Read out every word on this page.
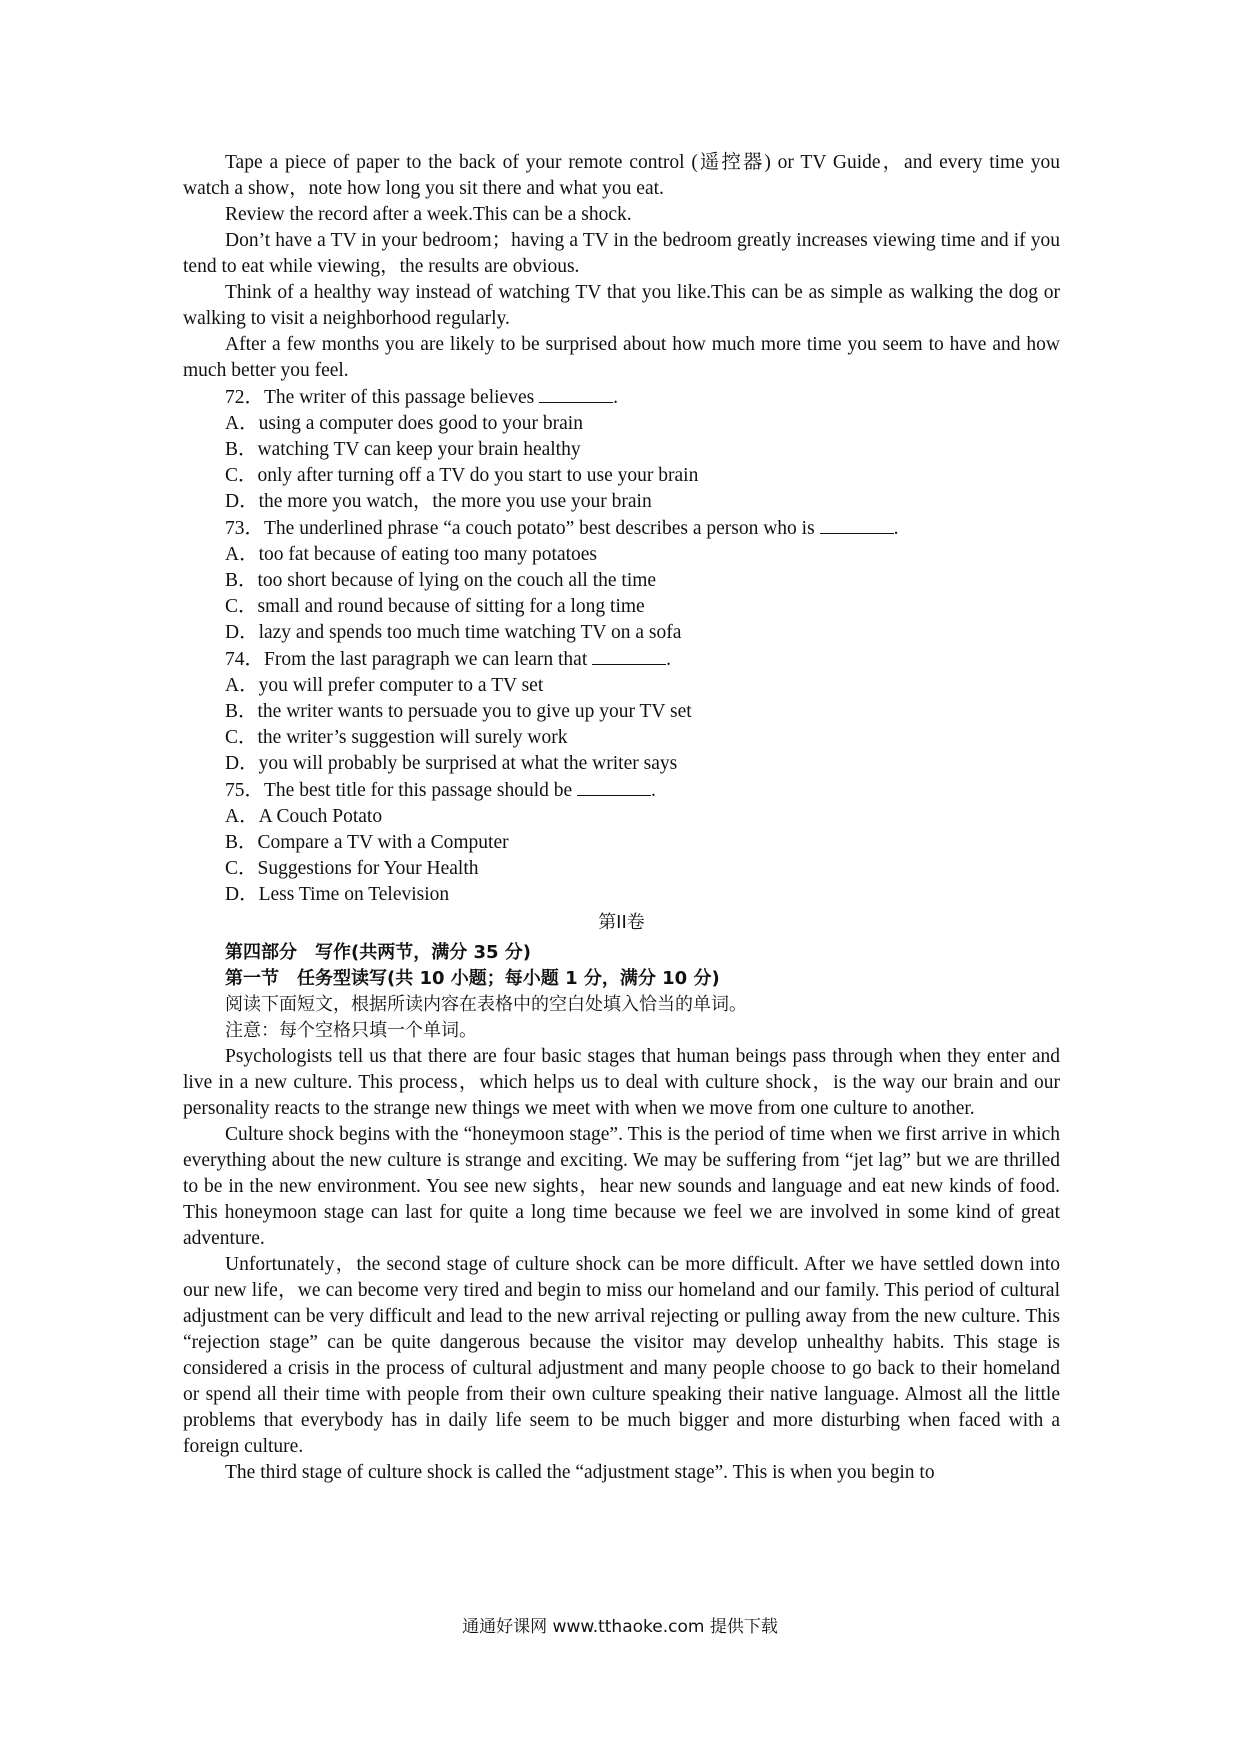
Tape a piece of paper to the back of your remote control (遥控器) or TV Guide，and every time you watch a show，note how long you sit there and what you eat.

Review the record after a week.This can be a shock.

Don’t have a TV in your bedroom；having a TV in the bedroom greatly increases viewing time and if you tend to eat while viewing，the results are obvious.

Think of a healthy way instead of watching TV that you like.This can be as simple as walking the dog or walking to visit a neighborhood regularly.

After a few months you are likely to be surprised about how much more time you seem to have and how much better you feel.

72．The writer of this passage believes	.

A．using a computer does good to your brain

B．watching TV can keep your brain healthy

C．only after turning off a TV do you start to use your brain

D．the more you watch，the more you use your brain

73．The underlined phrase “a couch potato” best describes a person who is	.

A．too fat because of eating too many potatoes

B．too short because of lying on the couch all the time

C．small and round because of sitting for a long time

D．lazy and spends too much time watching TV on a sofa

74．From the last paragraph we can learn that	.

A．you will prefer computer to a TV set

B．the writer wants to persuade you to give up your TV set

C．the writer’s suggestion will surely work

D．you will probably be surprised at what the writer says

75．The best title for this passage should be	.

A．A Couch Potato

B．Compare a TV with a Computer

C．Suggestions for Your Health

D．Less Time on Television

第II卷

第四部分 写作(共两节，满分 35 分)

第一节 任务型读写(共 10 小题；每小题 1 分，满分 10 分)

阅读下面短文，根据所读内容在表格中的空白处填入恰当的单词。

注意：每个空格只填一个单词。

Psychologists tell us that there are four basic stages that human beings pass through when they enter and live in a new culture. This process，which helps us to deal with culture shock，is the way our brain and our personality reacts to the strange new things we meet with when we move from one culture to another.

Culture shock begins with the “honeymoon stage”. This is the period of time when we first arrive in which everything about the new culture is strange and exciting. We may be suffering from “jet lag” but we are thrilled to be in the new environment. You see new sights，hear new sounds and language and eat new kinds of food. This honeymoon stage can last for quite a long time because we feel we are involved in some kind of great adventure.

Unfortunately，the second stage of culture shock can be more difficult. After we have settled down into our new life，we can become very tired and begin to miss our homeland and our family. This period of cultural adjustment can be very difficult and lead to the new arrival rejecting or pulling away from the new culture. This “rejection stage” can be quite dangerous because the visitor may develop unhealthy habits. This stage is considered a crisis in the process of cultural adjustment and many people choose to go back to their homeland or spend all their time with people from their own culture speaking their native language. Almost all the little problems that everybody has in daily life seem to be much bigger and more disturbing when faced with a foreign culture.

The third stage of culture shock is called the “adjustment stage”. This is when you begin to

通通好课网 www.tthaoke.com 提供下载
